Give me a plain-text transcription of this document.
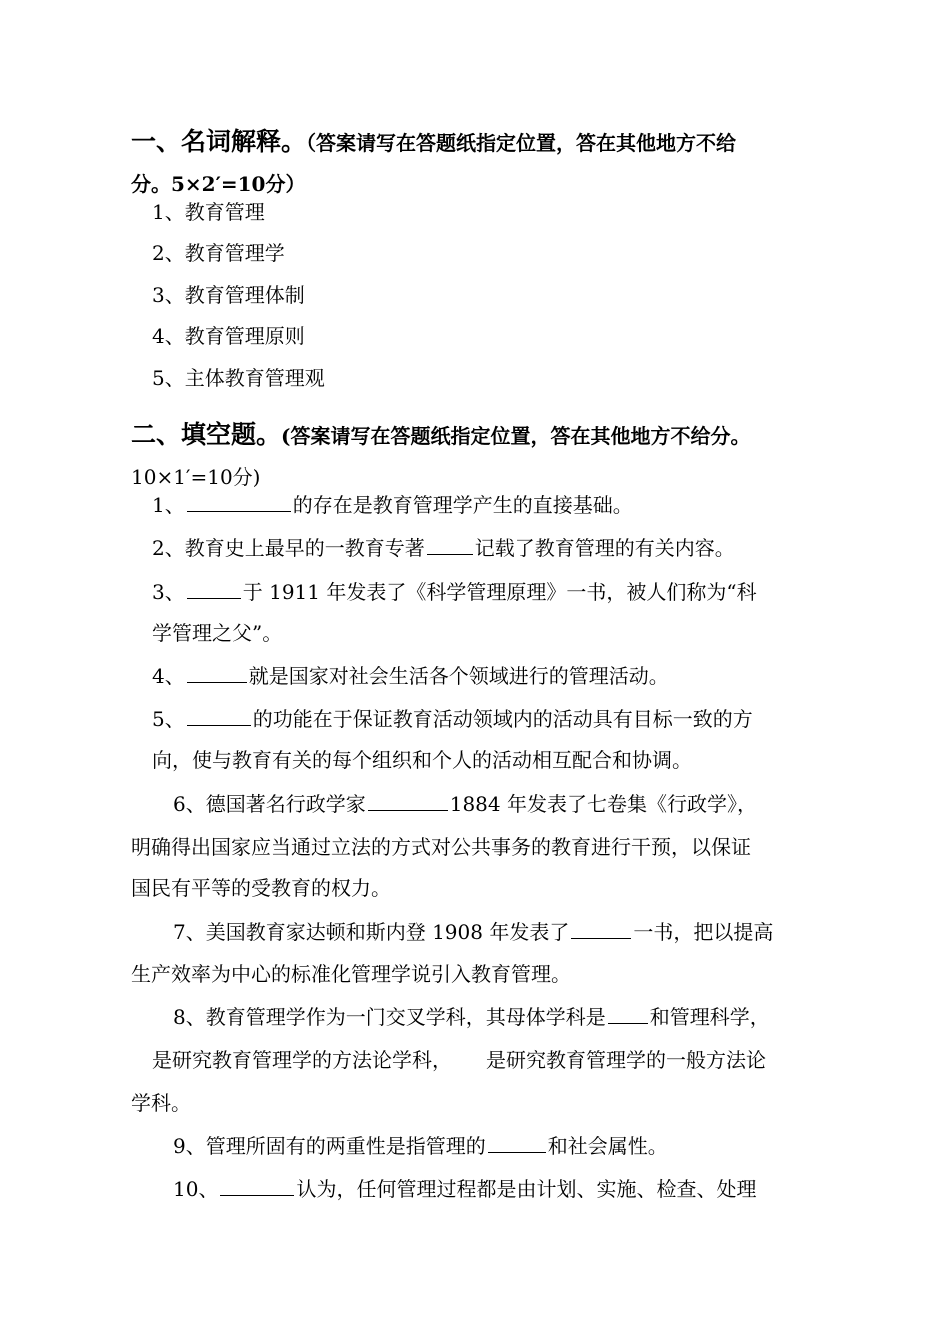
一、名词解释。（答案请写在答题纸指定位置，答在其他地方不给
分。5×2′=10分）
1、教育管理
2、教育管理学
3、教育管理体制
4、教育管理原则
5、主体教育管理观
二、填空题。(答案请写在答题纸指定位置，答在其他地方不给分。
10×1′=10分)
1、	的存在是教育管理学产生的直接基础。
2、教育史上最早的一教育专著	记载了教育管理的有关内容。
3、	于 1911 年发表了《科学管理原理》一书，被人们称为“科
学管理之父”。
4、	就是国家对社会生活各个领域进行的管理活动。
5、	的功能在于保证教育活动领域内的活动具有目标一致的方
向，使与教育有关的每个组织和个人的活动相互配合和协调。
6、德国著名行政学家	1884 年发表了七卷集《行政学》，
明确得出国家应当通过立法的方式对公共事务的教育进行干预，以保证
国民有平等的受教育的权力。
7、美国教育家达顿和斯内登 1908 年发表了	一书，把以提高
生产效率为中心的标准化管理学说引入教育管理。
8、教育管理学作为一门交叉学科，其母体学科是 和管理科学，
是研究教育管理学的方法论学科， 是研究教育管理学的一般方法论
学科。
9、管理所固有的两重性是指管理的	和社会属性。
10、	认为，任何管理过程都是由计划、实施、检查、处理
